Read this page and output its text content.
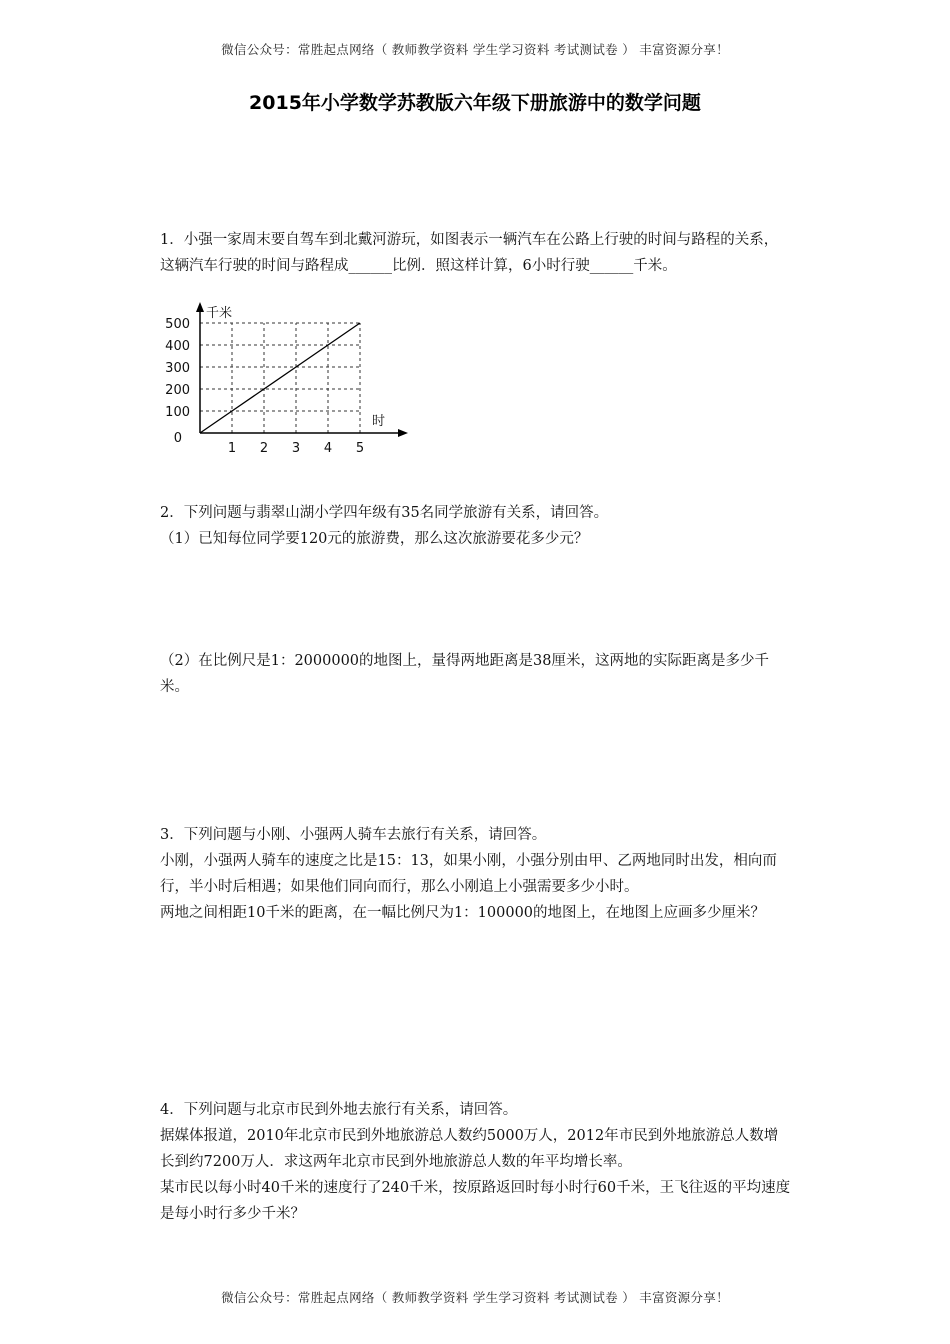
微信公众号：常胜起点网络（ 教师教学资料 学生学习资料 考试测试卷 ） 丰富资源分享！
2015年小学数学苏教版六年级下册旅游中的数学问题

1．小强一家周末要自驾车到北戴河游玩，如图表示一辆汽车在公路上行驶的时间与路程的关系，这辆汽车行驶的时间与路程成______比例．照这样计算，6小时行驶______千米。

1 2 3 4 5
100
200
300
400
500
0
千米
时

2．下列问题与翡翠山湖小学四年级有35名同学旅游有关系，请回答。

（1）已知每位同学要120元的旅游费，那么这次旅游要花多少元？

（2）在比例尺是1：2000000的地图上，量得两地距离是38厘米，这两地的实际距离是多少千米。

3．下列问题与小刚、小强两人骑车去旅行有关系，请回答。

小刚，小强两人骑车的速度之比是15：13，如果小刚，小强分别由甲、乙两地同时出发，相向而行，半小时后相遇；如果他们同向而行，那么小刚追上小强需要多少小时。

两地之间相距10千米的距离，在一幅比例尺为1：100000的地图上，在地图上应画多少厘米？

4．下列问题与北京市民到外地去旅行有关系，请回答。

据媒体报道，2010年北京市民到外地旅游总人数约5000万人，2012年市民到外地旅游总人数增长到约7200万人．求这两年北京市民到外地旅游总人数的年平均增长率。

某市民以每小时40千米的速度行了240千米，按原路返回时每小时行60千米，王飞往返的平均速度是每小时行多少千米？

微信公众号：常胜起点网络（ 教师教学资料 学生学习资料 考试测试卷 ） 丰富资源分享！
